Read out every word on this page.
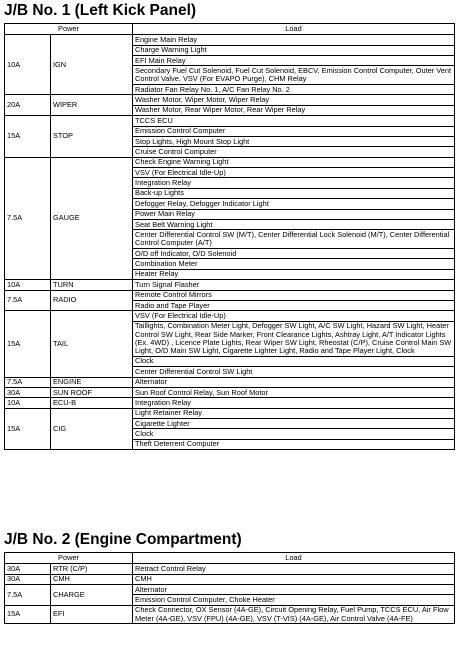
J/B No. 1 (Left Kick Panel)
Power		Load
10A	IGN	Engine Main Relay
		Charge Warning Light
		EFI Main Relay
		Secondary Fuel Cut Solenoid, Fuel Cut Solenoid, EBCV, Emission Control Computer, Outer Vent Control Valve, VSV (For EVAPO Purge), CHM Relay
		Radiator Fan Relay No. 1, A/C Fan Relay No. 2
20A	WIPER	Washer Motor, Wiper Motor, Wiper Relay
		Washer Motor, Rear Wiper Motor, Rear Wiper Relay
15A	STOP	TCCS ECU
		Emission Control Computer
		Stop Lights, High Mount Stop Light
		Cruise Control Computer
7.5A	GAUGE	Check Engine Warning Light
		VSV (For Electrical Idle-Up)
		Integration Relay
		Back-up Lights
		Defogger Relay, Defogger Indicator Light
		Power Main Relay
		Seat Belt Warning Light
		Center Differential Control SW (M/T), Center Differential Lock Solenoid (M/T), Center Differential Control Computer (A/T)
		O/D off Indicator, O/D Solenoid
		Combination Meter
		Heater Relay
10A	TURN	Turn Signal Flasher
7.5A	RADIO	Remote Control Mirrors
		Radio and Tape Player
15A	TAIL	VSV (For Electrical Idle-Up)
		Taillights, Combination Meter Light, Defogger SW Light, A/C SW Light, Hazard SW Light, Heater Control SW Light, Rear Side Marker, Front Clearance Lights, Ashtray Light, A/T Indicator Lights (Ex. 4WD) , Licence Plate Lights, Rear Wiper SW Light, Rheostat (C/P), Cruise Control Main SW Light, O/D Main SW Light, Cigarette Lighter Light, Radio and Tape Player Light, Clock
		Clock
		Center Differential Control SW Light
7.5A	ENGINE	Alternator
30A	SUN ROOF	Sun Roof Control Relay, Sun Roof Motor
10A	ECU-B	Integration Relay
15A	CIG	Light Retainer Relay
		Cigarette Lighter
		Clock
		Theft Deterrent Computer
J/B No. 2 (Engine Compartment)
Power		Load
30A	RTR (C/P)	Retract Control Relay
30A	CMH	CMH
7.5A	CHARGE	Alternator
		Emission Control Computer, Choke Heater
15A	EFI	Check Connector, OX Sensor (4A-GE), Circuit Opening Relay, Fuel Pump, TCCS ECU, Air Flow Meter (4A-GE), VSV (FPU) (4A-GE), VSV (T-VIS) (4A-GE), Air Control Valve (4A-FE)
